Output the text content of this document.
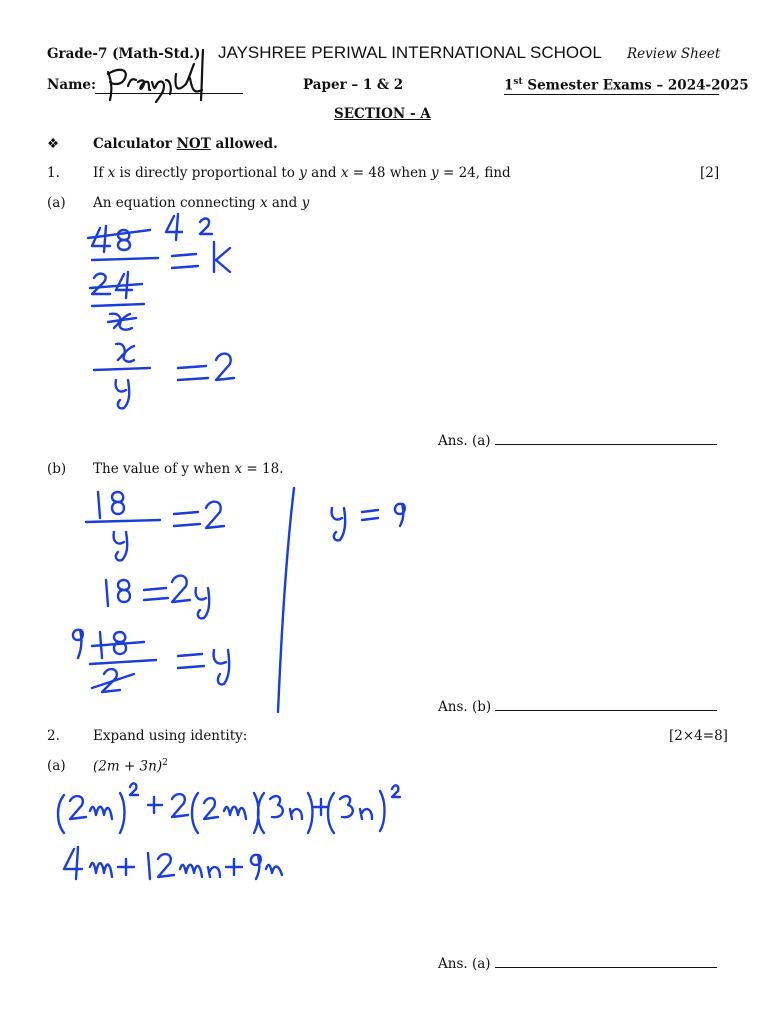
Grade-7 (Math-Std.) JAYSHREE PERIWAL INTERNATIONAL SCHOOL Review Sheet
Name:	Paper – 1 & 2	1st Semester Exams – 2024-2025
SECTION - A
❖	Calculator NOT allowed.
1. If x is directly proportional to y and x = 48 when y = 24, find	[2]
(a) An equation connecting x and y
Ans. (a)
(b) The value of y when x = 18.
Ans. (b)
2. Expand using identity:	[2×4=8]
(a) $(2m + 3n)^2$
Ans. (a)
